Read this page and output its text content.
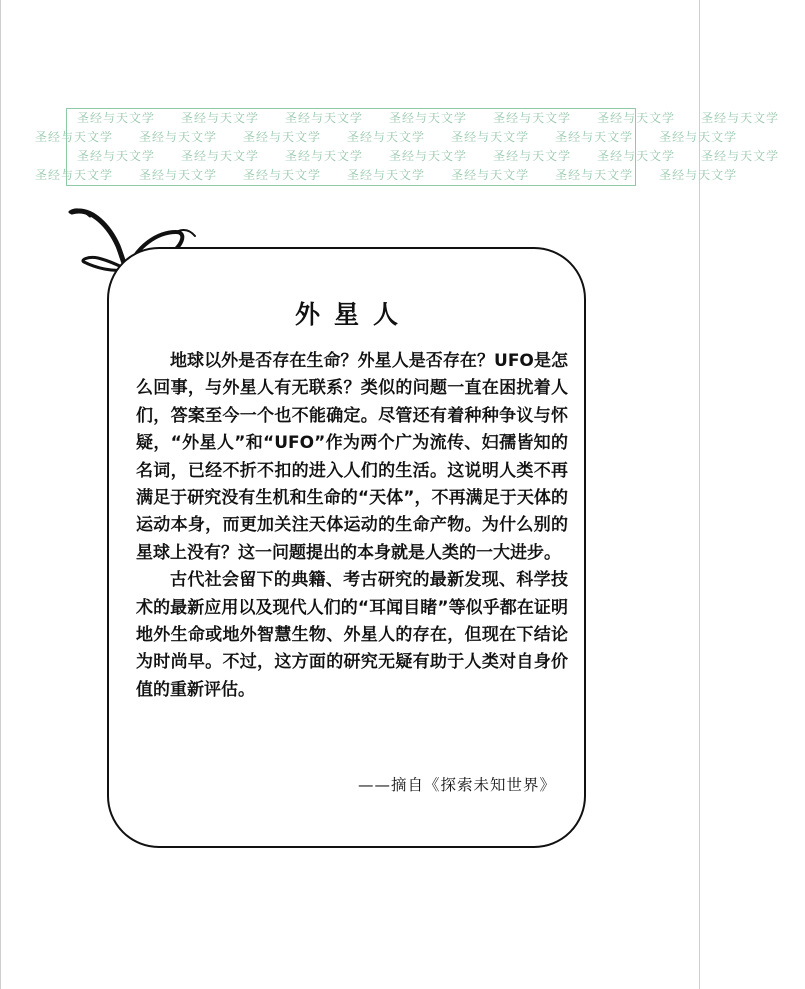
圣经与天文学 圣经与天文学 圣经与天文学 圣经与天文学 圣经与天文学 圣经与天文学 圣经与天文学
圣经与天文学 圣经与天文学 圣经与天文学 圣经与天文学 圣经与天文学 圣经与天文学 圣经与天文学
圣经与天文学 圣经与天文学 圣经与天文学 圣经与天文学 圣经与天文学 圣经与天文学 圣经与天文学
圣经与天文学 圣经与天文学 圣经与天文学 圣经与天文学 圣经与天文学 圣经与天文学 圣经与天文学
外星人

地球以外是否存在生命？外星人是否存在？UFO是怎么回事，与外星人有无联系？类似的问题一直在困扰着人们，答案至今一个也不能确定。尽管还有着种种争议与怀疑，“外星人”和“UFO”作为两个广为流传、妇孺皆知的名词，已经不折不扣的进入人们的生活。这说明人类不再满足于研究没有生机和生命的“天体”，不再满足于天体的运动本身，而更加关注天体运动的生命产物。为什么别的星球上没有？这一问题提出的本身就是人类的一大进步。

古代社会留下的典籍、考古研究的最新发现、科学技术的最新应用以及现代人们的“耳闻目睹”等似乎都在证明地外生命或地外智慧生物、外星人的存在，但现在下结论为时尚早。不过，这方面的研究无疑有助于人类对自身价值的重新评估。

——摘自《探索未知世界》
